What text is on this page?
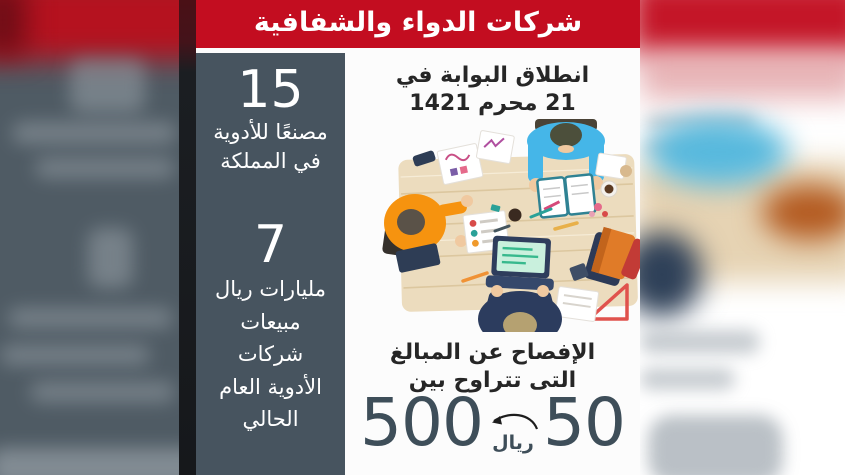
شركات الدواء والشفافية
15
مصنعًا للأدوية
في المملكة
7
مليارات ريال
مبيعات
شركات
الأدوية العام
الحالي
انطلاق البوابة في
21 محرم 1421
الإفصاح عن المبالغ
التى تتراوح بين
500 ريال 50
